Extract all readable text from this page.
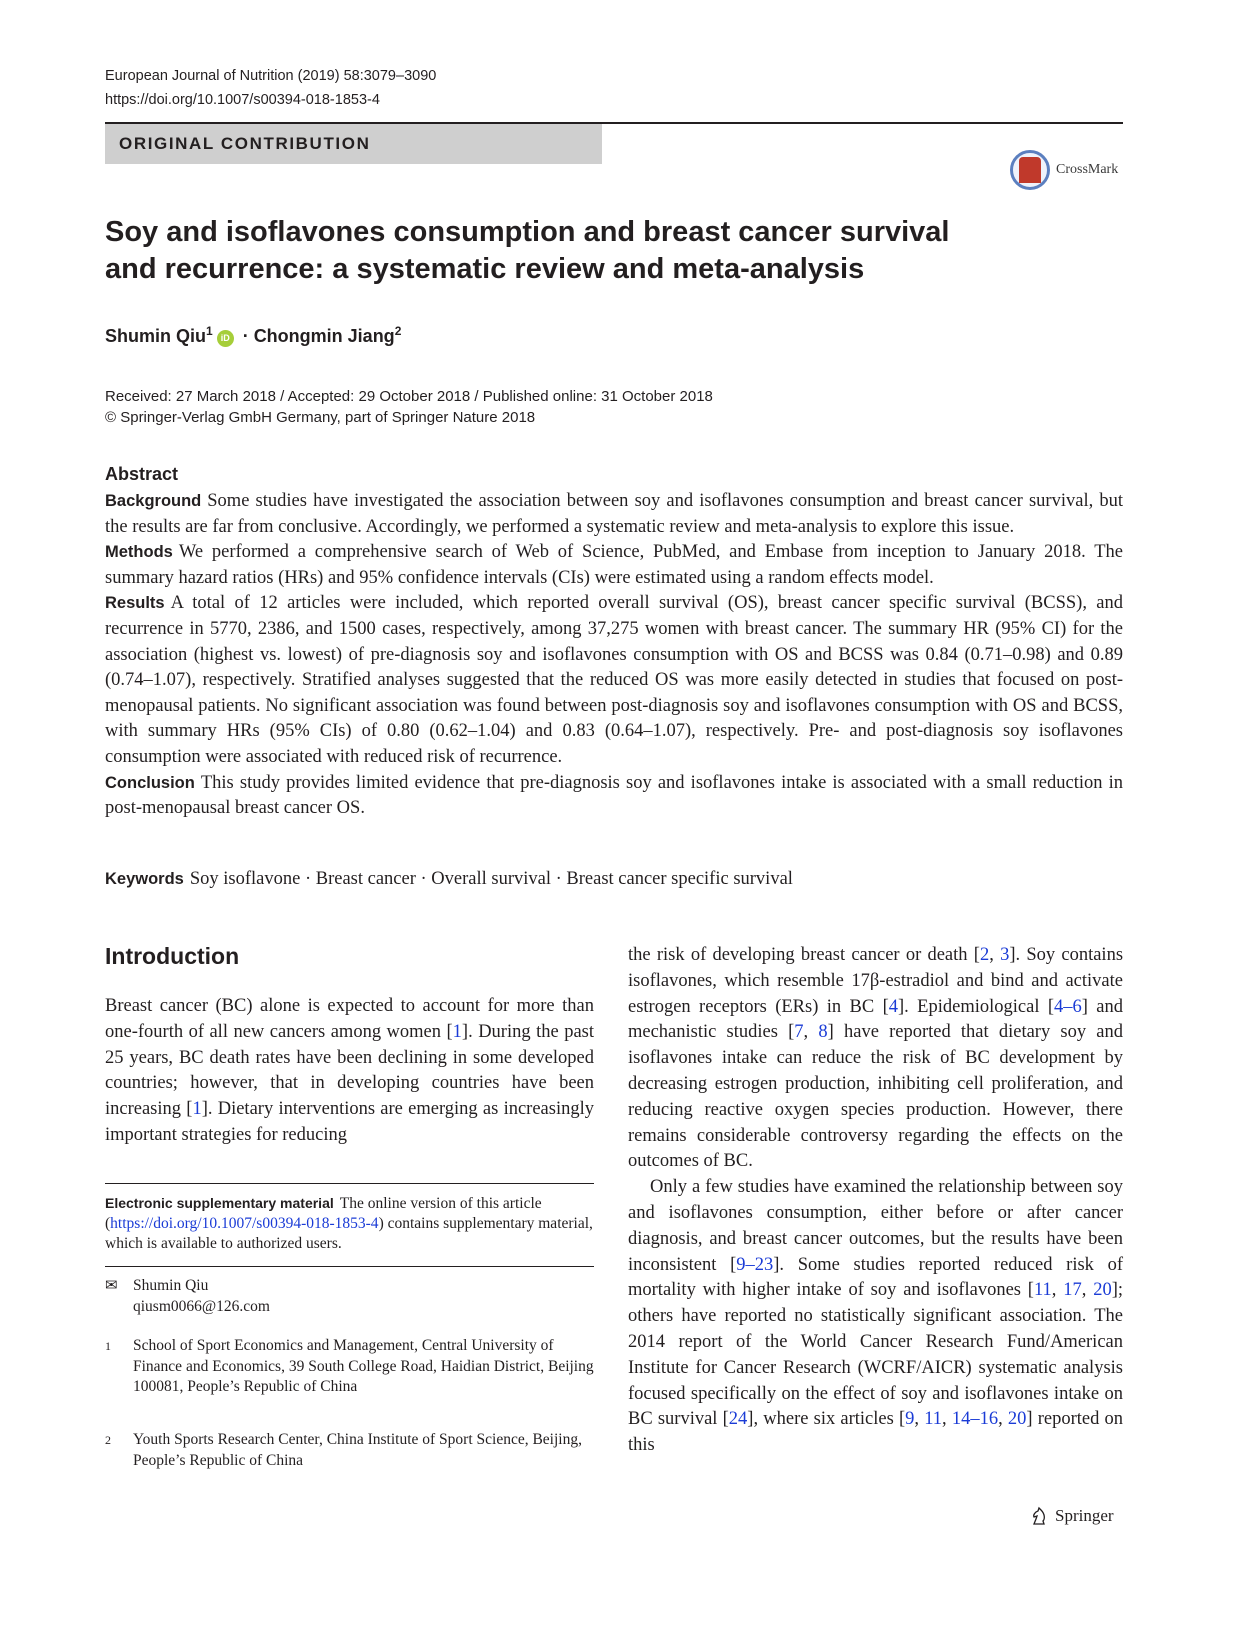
European Journal of Nutrition (2019) 58:3079–3090
https://doi.org/10.1007/s00394-018-1853-4
ORIGINAL CONTRIBUTION
CrossMark
Soy and isoflavones consumption and breast cancer survival
and recurrence: a systematic review and meta-analysis
Shumin Qiu$^1$ iD · Chongmin Jiang$^2$
Received: 27 March 2018 / Accepted: 29 October 2018 / Published online: 31 October 2018
© Springer-Verlag GmbH Germany, part of Springer Nature 2018
Abstract

Background Some studies have investigated the association between soy and isoflavones consumption and breast cancer survival, but the results are far from conclusive. Accordingly, we performed a systematic review and meta-analysis to explore this issue.

Methods We performed a comprehensive search of Web of Science, PubMed, and Embase from inception to January 2018. The summary hazard ratios (HRs) and 95% confidence intervals (CIs) were estimated using a random effects model.

Results A total of 12 articles were included, which reported overall survival (OS), breast cancer specific survival (BCSS), and recurrence in 5770, 2386, and 1500 cases, respectively, among 37,275 women with breast cancer. The summary HR (95% CI) for the association (highest vs. lowest) of pre-diagnosis soy and isoflavones consumption with OS and BCSS was 0.84 (0.71–0.98) and 0.89 (0.74–1.07), respectively. Stratified analyses suggested that the reduced OS was more easily detected in studies that focused on post-menopausal patients. No significant association was found between post-diagnosis soy and isoflavones consumption with OS and BCSS, with summary HRs (95% CIs) of 0.80 (0.62–1.04) and 0.83 (0.64–1.07), respectively. Pre- and post-diagnosis soy isoflavones consumption were associated with reduced risk of recurrence.

Conclusion This study provides limited evidence that pre-diagnosis soy and isoflavones intake is associated with a small reduction in post-menopausal breast cancer OS.

Keywords Soy isoflavone · Breast cancer · Overall survival · Breast cancer specific survival
Introduction

Breast cancer (BC) alone is expected to account for more than one-fourth of all new cancers among women [1]. During the past 25 years, BC death rates have been declining in some developed countries; however, that in developing countries have been increasing [1]. Dietary interventions are emerging as increasingly important strategies for reducing

the risk of developing breast cancer or death [2, 3]. Soy contains isoflavones, which resemble 17β-estradiol and bind and activate estrogen receptors (ERs) in BC [4]. Epidemiological [4–6] and mechanistic studies [7, 8] have reported that dietary soy and isoflavones intake can reduce the risk of BC development by decreasing estrogen production, inhibiting cell proliferation, and reducing reactive oxygen species production. However, there remains considerable controversy regarding the effects on the outcomes of BC.

Only a few studies have examined the relationship between soy and isoflavones consumption, either before or after cancer diagnosis, and breast cancer outcomes, but the results have been inconsistent [9–23]. Some studies reported reduced risk of mortality with higher intake of soy and isoflavones [11, 17, 20]; others have reported no statistically significant association. The 2014 report of the World Cancer Research Fund/American Institute for Cancer Research (WCRF/AICR) systematic analysis focused specifically on the effect of soy and isoflavones intake on BC survival [24], where six articles [9, 11, 14–16, 20] reported on this

Electronic supplementary material The online version of this article (https://doi.org/10.1007/s00394-018-1853-4) contains supplementary material, which is available to authorized users.
✉ Shumin Qiu
qiusm0066@126.com
1	School of Sport Economics and Management, Central University of Finance and Economics, 39 South College Road, Haidian District, Beijing 100081, People’s Republic of China
2	Youth Sports Research Center, China Institute of Sport Science, Beijing, People’s Republic of China
Springer
